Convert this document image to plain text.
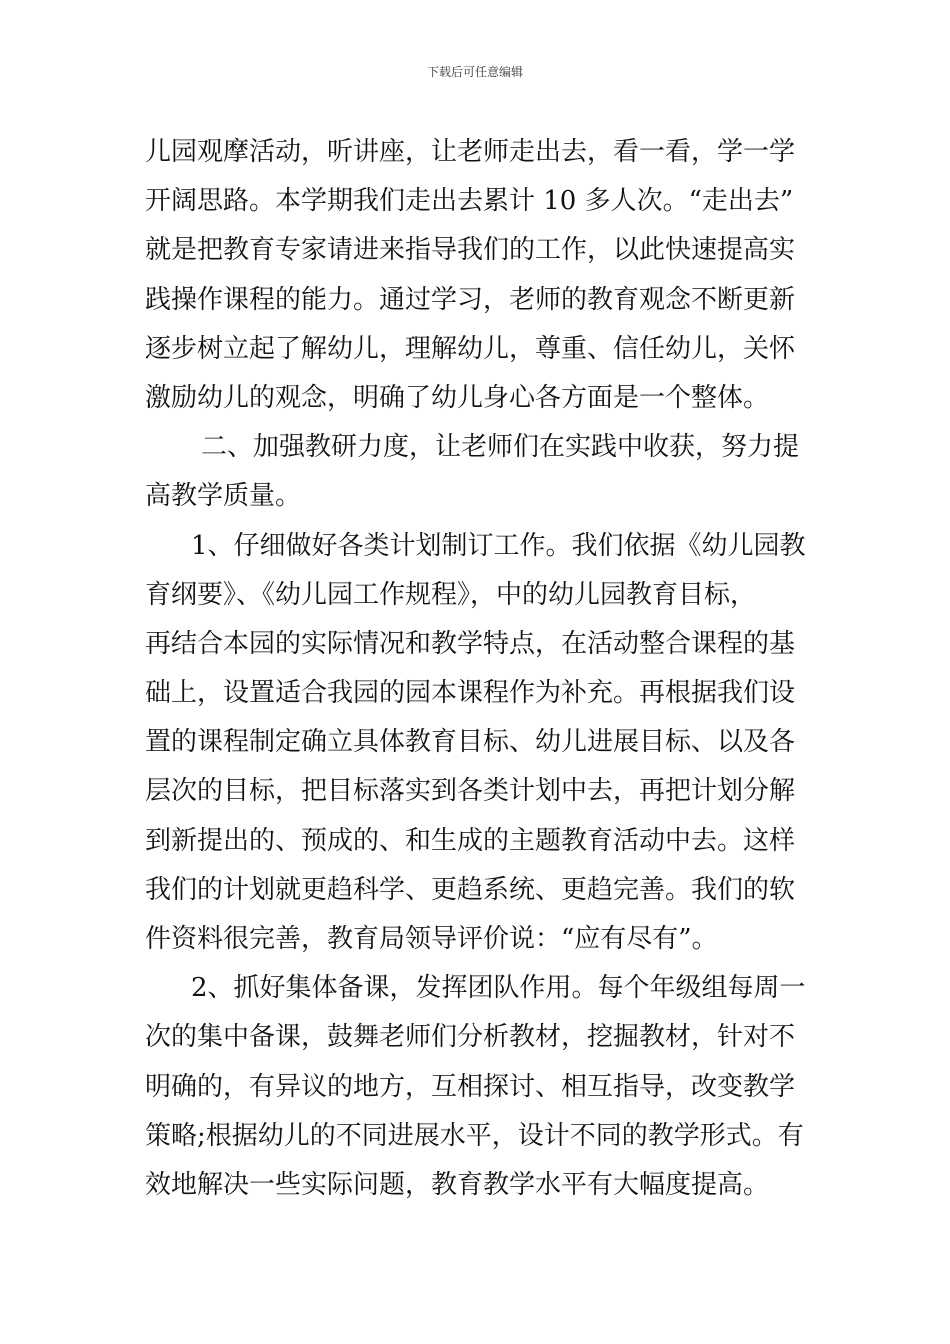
下载后可任意编辑
儿园观摩活动，听讲座，让老师走出去，看一看，学一学
开阔思路。本学期我们走出去累计 10 多人次。“走出去”
就是把教育专家请进来指导我们的工作，以此快速提高实
践操作课程的能力。通过学习，老师的教育观念不断更新
逐步树立起了解幼儿，理解幼儿，尊重、信任幼儿，关怀
激励幼儿的观念，明确了幼儿身心各方面是一个整体。
二、加强教研力度，让老师们在实践中收获，努力提
高教学质量。
1、仔细做好各类计划制订工作。我们依据《幼儿园教
育纲要》、《幼儿园工作规程》，中的幼儿园教育目标，
再结合本园的实际情况和教学特点，在活动整合课程的基
础上，设置适合我园的园本课程作为补充。再根据我们设
置的课程制定确立具体教育目标、幼儿进展目标、以及各
层次的目标，把目标落实到各类计划中去，再把计划分解
到新提出的、预成的、和生成的主题教育活动中去。这样
我们的计划就更趋科学、更趋系统、更趋完善。我们的软
件资料很完善，教育局领导评价说：“应有尽有”。
2、抓好集体备课，发挥团队作用。每个年级组每周一
次的集中备课，鼓舞老师们分析教材，挖掘教材，针对不
明确的，有异议的地方，互相探讨、相互指导，改变教学
策略;根据幼儿的不同进展水平，设计不同的教学形式。有
效地解决一些实际问题，教育教学水平有大幅度提高。
